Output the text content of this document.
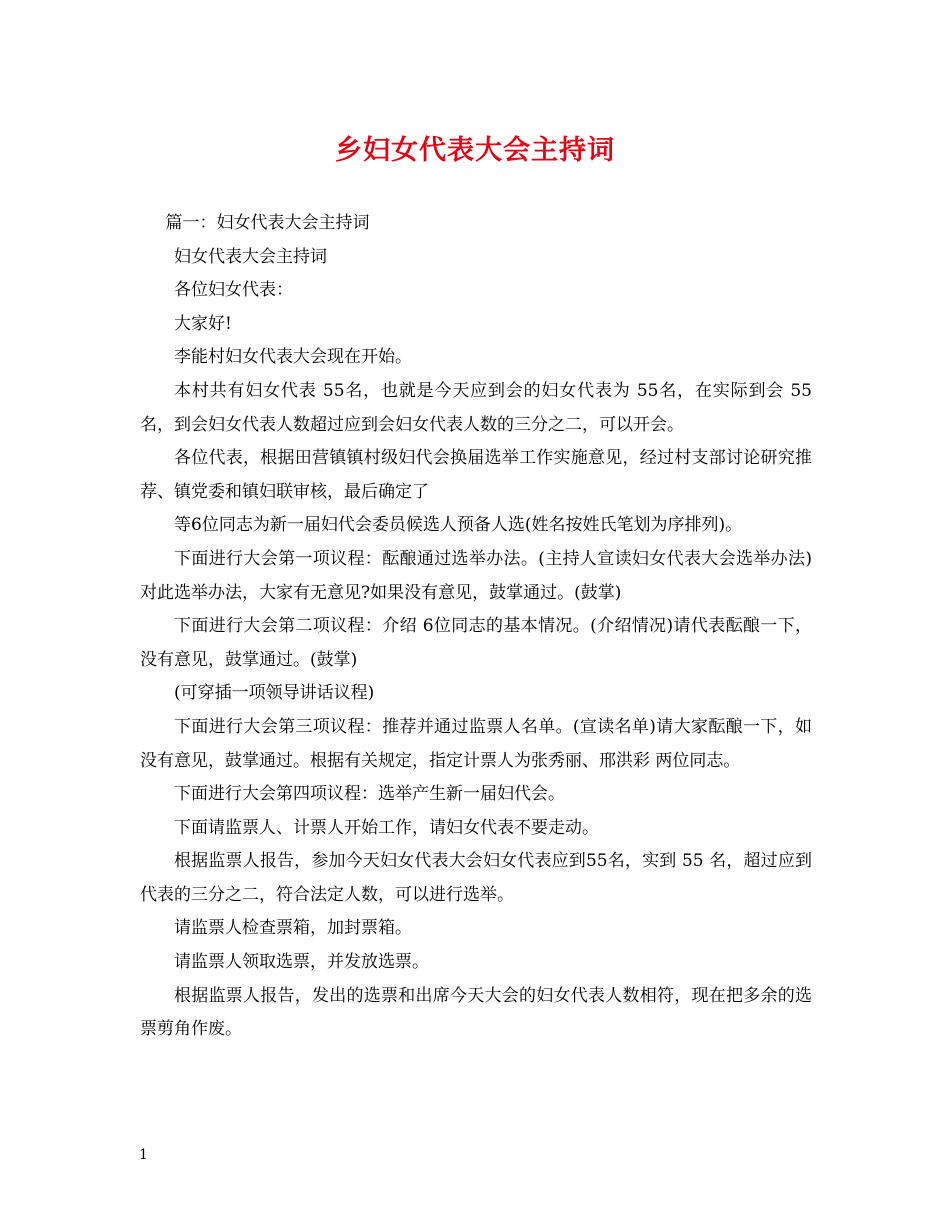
乡妇女代表大会主持词

篇一：妇女代表大会主持词

妇女代表大会主持词

各位妇女代表：

大家好!

李能村妇女代表大会现在开始。

本村共有妇女代表 55名，也就是今天应到会的妇女代表为 55名，在实际到会 55名，到会妇女代表人数超过应到会妇女代表人数的三分之二，可以开会。

各位代表，根据田营镇镇村级妇代会换届选举工作实施意见，经过村支部讨论研究推荐、镇党委和镇妇联审核，最后确定了

等6位同志为新一届妇代会委员候选人预备人选(姓名按姓氏笔划为序排列)。

下面进行大会第一项议程：酝酿通过选举办法。(主持人宣读妇女代表大会选举办法) 对此选举办法，大家有无意见?如果没有意见，鼓掌通过。(鼓掌)

下面进行大会第二项议程：介绍 6位同志的基本情况。(介绍情况)请代表酝酿一下，没有意见，鼓掌通过。(鼓掌)

(可穿插一项领导讲话议程)

下面进行大会第三项议程：推荐并通过监票人名单。(宣读名单)请大家酝酿一下，如没有意见，鼓掌通过。根据有关规定，指定计票人为张秀丽、邢洪彩 两位同志。

下面进行大会第四项议程：选举产生新一届妇代会。

下面请监票人、计票人开始工作，请妇女代表不要走动。

根据监票人报告，参加今天妇女代表大会妇女代表应到55名，实到 55 名，超过应到代表的三分之二，符合法定人数，可以进行选举。

请监票人检查票箱，加封票箱。

请监票人领取选票，并发放选票。

根据监票人报告，发出的选票和出席今天大会的妇女代表人数相符，现在把多余的选票剪角作废。

1
